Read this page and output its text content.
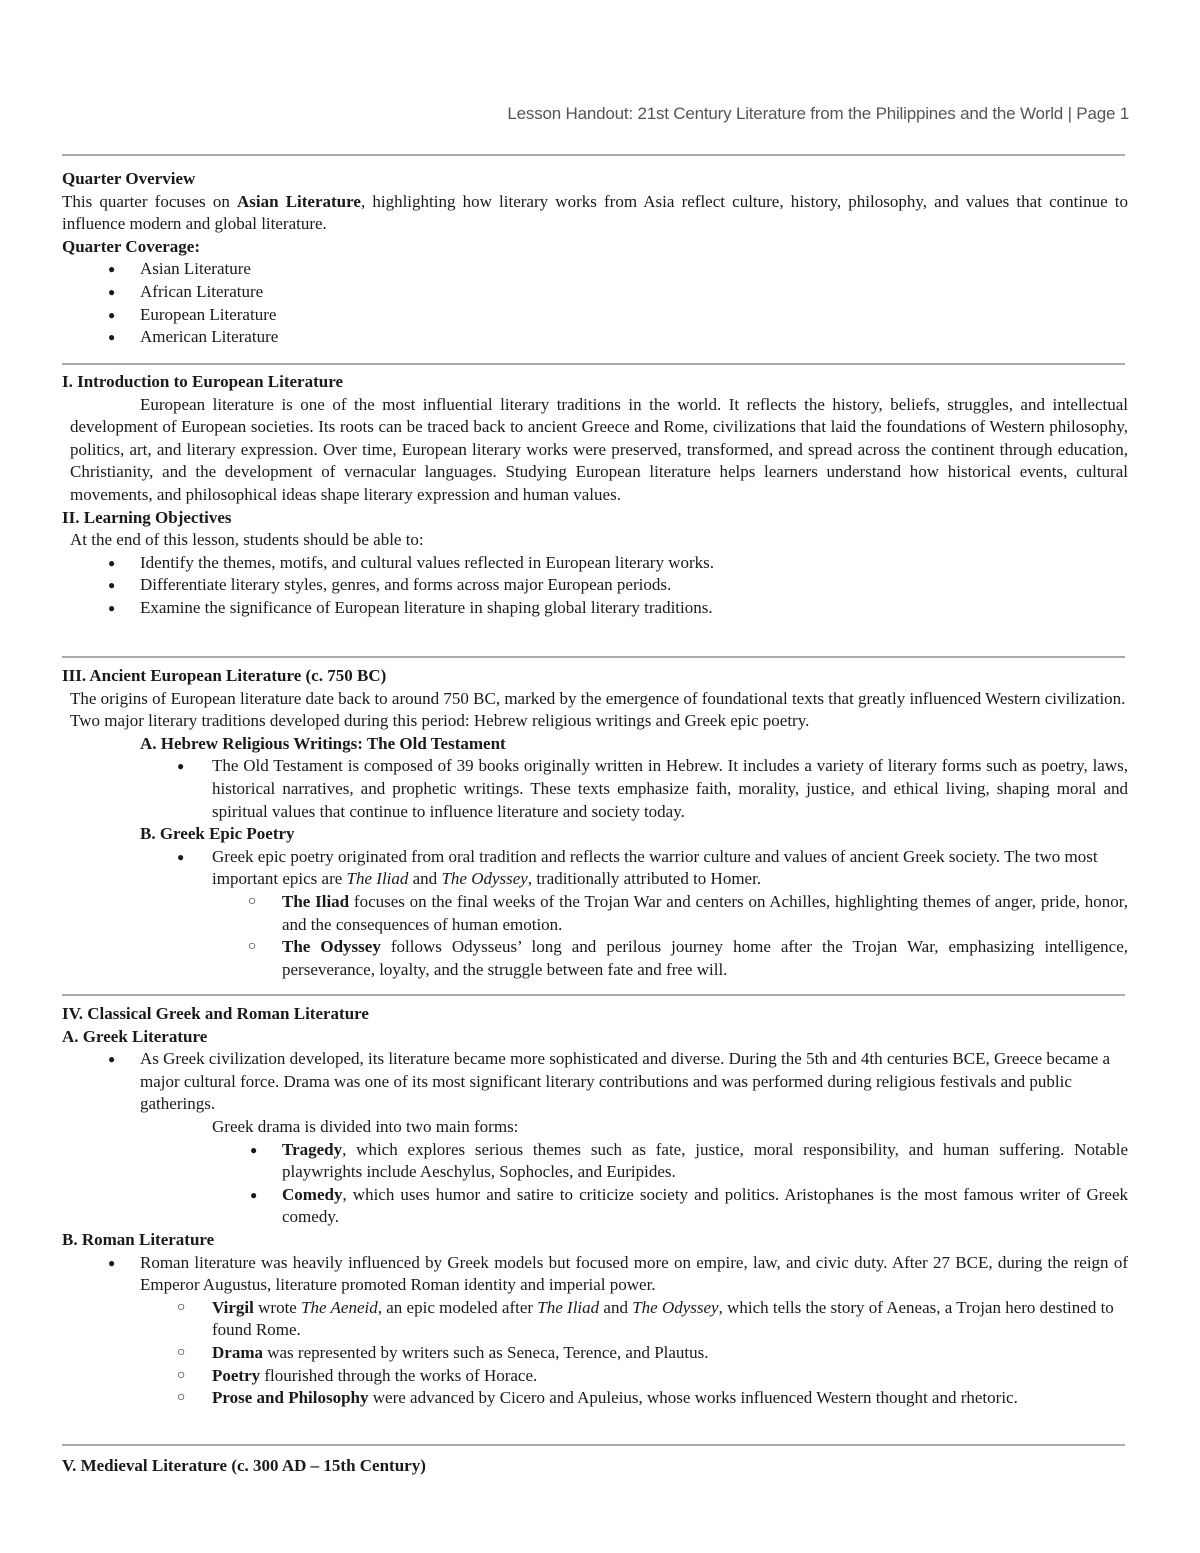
Lesson Handout: 21st Century Literature from the Philippines and the World | Page 1

Quarter Overview

This quarter focuses on Asian Literature, highlighting how literary works from Asia reflect culture, history, philosophy, and values that continue to influence modern and global literature.

Quarter Coverage:

● Asian Literature
● African Literature
● European Literature
● American Literature

I. Introduction to European Literature

European literature is one of the most influential literary traditions in the world. It reflects the history, beliefs, struggles, and intellectual development of European societies. Its roots can be traced back to ancient Greece and Rome, civilizations that laid the foundations of Western philosophy, politics, art, and literary expression. Over time, European literary works were preserved, transformed, and spread across the continent through education, Christianity, and the development of vernacular languages. Studying European literature helps learners understand how historical events, cultural movements, and philosophical ideas shape literary expression and human values.

II. Learning Objectives

At the end of this lesson, students should be able to:

● Identify the themes, motifs, and cultural values reflected in European literary works.
● Differentiate literary styles, genres, and forms across major European periods.
● Examine the significance of European literature in shaping global literary traditions.

III. Ancient European Literature (c. 750 BC)

The origins of European literature date back to around 750 BC, marked by the emergence of foundational texts that greatly influenced Western civilization. Two major literary traditions developed during this period: Hebrew religious writings and Greek epic poetry.

A. Hebrew Religious Writings: The Old Testament

● The Old Testament is composed of 39 books originally written in Hebrew. It includes a variety of literary forms such as poetry, laws, historical narratives, and prophetic writings. These texts emphasize faith, morality, justice, and ethical living, shaping moral and spiritual values that continue to influence literature and society today.

B. Greek Epic Poetry

● Greek epic poetry originated from oral tradition and reflects the warrior culture and values of ancient Greek society. The two most important epics are The Iliad and The Odyssey, traditionally attributed to Homer.
○ The Iliad focuses on the final weeks of the Trojan War and centers on Achilles, highlighting themes of anger, pride, honor, and the consequences of human emotion.
○ The Odyssey follows Odysseus’ long and perilous journey home after the Trojan War, emphasizing intelligence, perseverance, loyalty, and the struggle between fate and free will.

IV. Classical Greek and Roman Literature

A. Greek Literature

● As Greek civilization developed, its literature became more sophisticated and diverse. During the 5th and 4th centuries BCE, Greece became a major cultural force. Drama was one of its most significant literary contributions and was performed during religious festivals and public gatherings.

Greek drama is divided into two main forms:

● Tragedy, which explores serious themes such as fate, justice, moral responsibility, and human suffering. Notable playwrights include Aeschylus, Sophocles, and Euripides.
● Comedy, which uses humor and satire to criticize society and politics. Aristophanes is the most famous writer of Greek comedy.

B. Roman Literature

● Roman literature was heavily influenced by Greek models but focused more on empire, law, and civic duty. After 27 BCE, during the reign of Emperor Augustus, literature promoted Roman identity and imperial power.
○ Virgil wrote The Aeneid, an epic modeled after The Iliad and The Odyssey, which tells the story of Aeneas, a Trojan hero destined to found Rome.
○ Drama was represented by writers such as Seneca, Terence, and Plautus.
○ Poetry flourished through the works of Horace.
○ Prose and Philosophy were advanced by Cicero and Apuleius, whose works influenced Western thought and rhetoric.

V. Medieval Literature (c. 300 AD – 15th Century)
